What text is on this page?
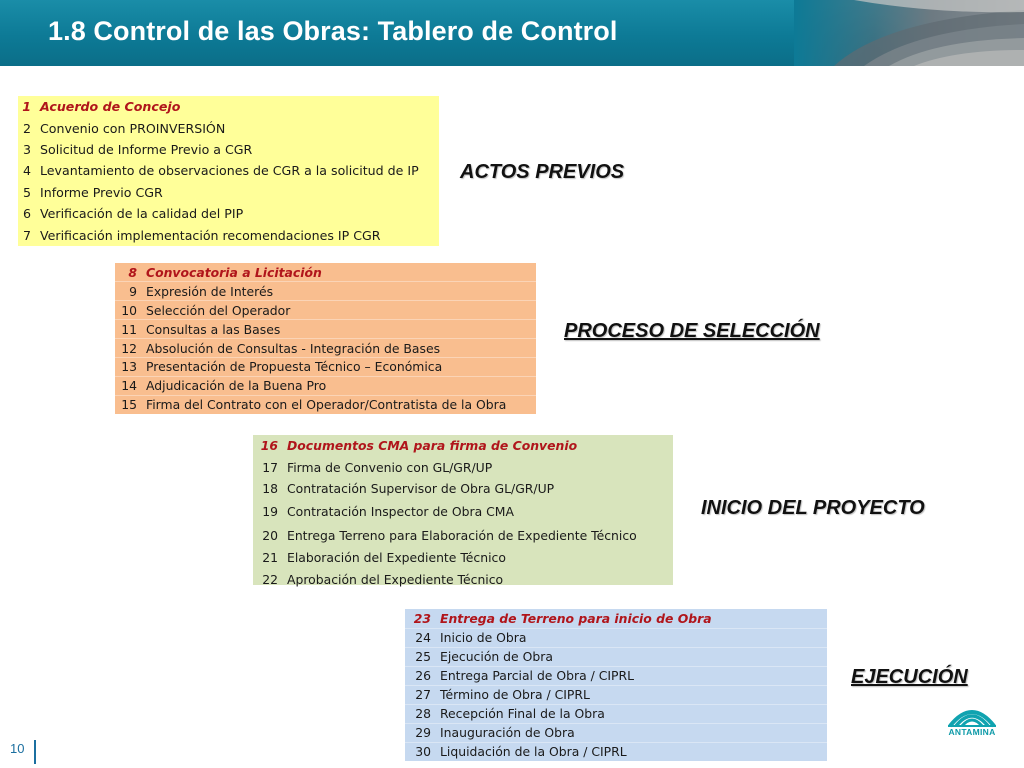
1.8 Control de las Obras: Tablero de Control
1	Acuerdo de Concejo
2	Convenio con PROINVERSIÓN
3	Solicitud de Informe Previo a CGR
4	Levantamiento de observaciones de CGR a la solicitud de IP
5	Informe Previo CGR
6	Verificación de la calidad del PIP
7	Verificación implementación recomendaciones IP CGR
ACTOS PREVIOS
8	Convocatoria a Licitación
9	Expresión de Interés
10	Selección del Operador
11	Consultas a las Bases
12	Absolución de Consultas - Integración de Bases
13	Presentación de Propuesta Técnico – Económica
14	Adjudicación de la Buena Pro
15	Firma del Contrato con el Operador/Contratista de la Obra
PROCESO DE SELECCIÓN
16	Documentos CMA para firma de Convenio
17	Firma de Convenio con GL/GR/UP
18	Contratación Supervisor de Obra GL/GR/UP
19	Contratación Inspector de Obra CMA
20	Entrega Terreno para Elaboración de Expediente Técnico
21	Elaboración del Expediente Técnico
22	Aprobación del Expediente Técnico
INICIO DEL PROYECTO
23	Entrega de Terreno para inicio de Obra
24	Inicio de Obra
25	Ejecución de Obra
26	Entrega Parcial de Obra / CIPRL
27	Término de Obra / CIPRL
28	Recepción Final de la Obra
29	Inauguración de Obra
30	Liquidación de la Obra / CIPRL
EJECUCIÓN
10
ANTAMINA
